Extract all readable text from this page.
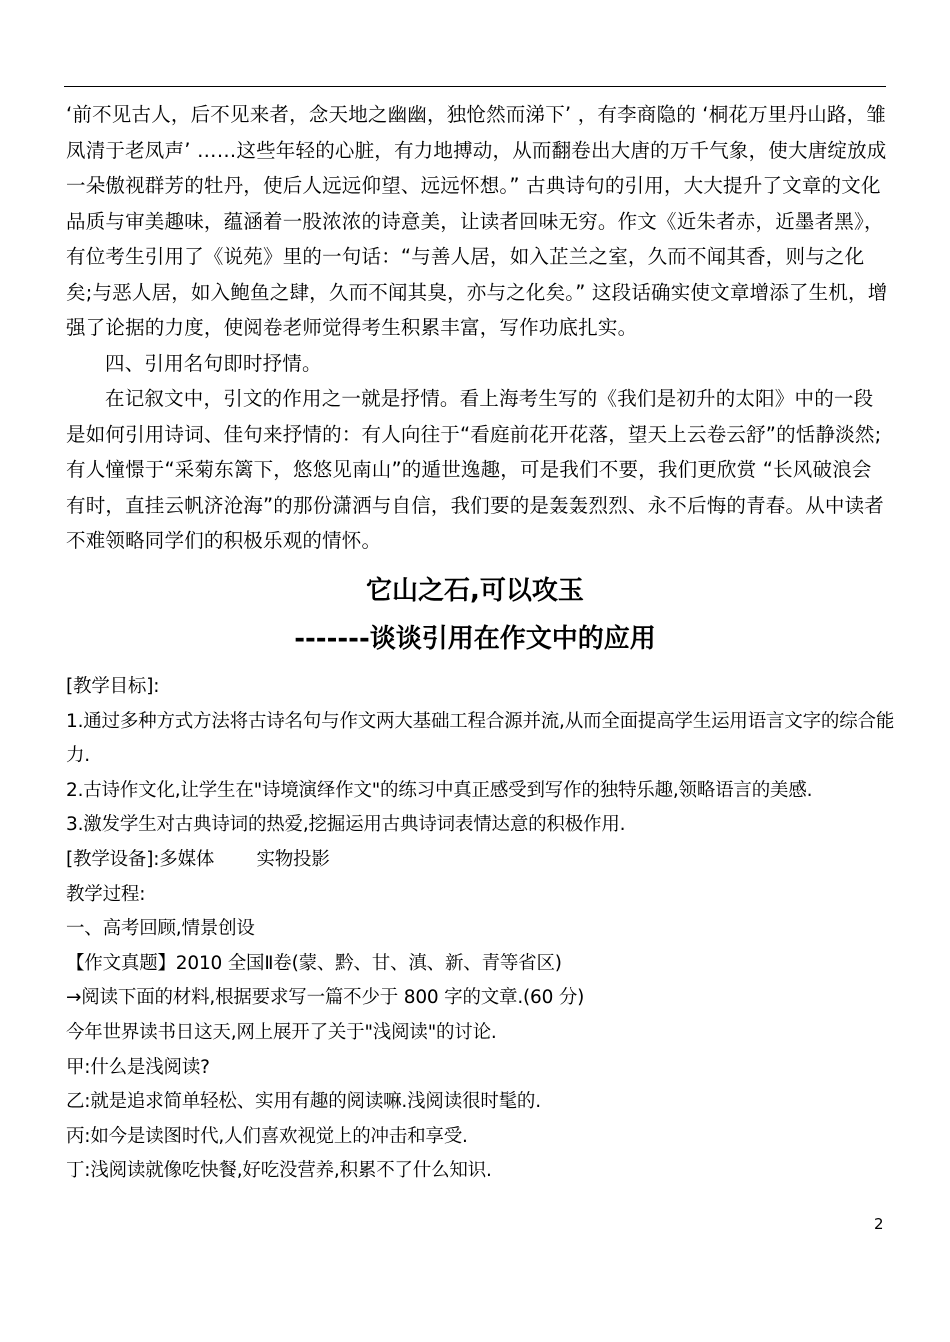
‘前不见古人，后不见来者，念天地之幽幽，独怆然而涕下’ ，有李商隐的 ‘桐花万里丹山路，雏凤清于老凤声’ ……这些年轻的心脏，有力地搏动，从而翻卷出大唐的万千气象，使大唐绽放成一朵傲视群芳的牡丹，使后人远远仰望、远远怀想。” 古典诗句的引用，大大提升了文章的文化品质与审美趣味，蕴涵着一股浓浓的诗意美，让读者回味无穷。作文《近朱者赤，近墨者黑》，有位考生引用了《说苑》里的一句话：“与善人居，如入芷兰之室，久而不闻其香，则与之化矣;与恶人居，如入鲍鱼之肆，久而不闻其臭，亦与之化矣。” 这段话确实使文章增添了生机，增强了论据的力度，使阅卷老师觉得考生积累丰富，写作功底扎实。

四、引用名句即时抒情。

在记叙文中，引文的作用之一就是抒情。看上海考生写的《我们是初升的太阳》中的一段是如何引用诗词、佳句来抒情的：有人向往于“看庭前花开花落，望天上云卷云舒”的恬静淡然;有人憧憬于“采菊东篱下，悠悠见南山”的遁世逸趣，可是我们不要，我们更欣赏 “长风破浪会有时，直挂云帆济沧海”的那份潇洒与自信，我们要的是轰轰烈烈、永不后悔的青春。从中读者不难领略同学们的积极乐观的情怀。

它山之石,可以攻玉
-------谈谈引用在作文中的应用

[教学目标]:

1.通过多种方式方法将古诗名句与作文两大基础工程合源并流,从而全面提高学生运用语言文字的综合能力.

2.古诗作文化,让学生在"诗境演绎作文"的练习中真正感受到写作的独特乐趣,领略语言的美感.

3.激发学生对古典诗词的热爱,挖掘运用古典诗词表情达意的积极作用.

[教学设备]:多媒体　　 实物投影

教学过程:

一、高考回顾,情景创设

【作文真题】2010 全国Ⅱ卷(蒙、黔、甘、滇、新、青等省区)

→阅读下面的材料,根据要求写一篇不少于 800 字的文章.(60 分)

今年世界读书日这天,网上展开了关于"浅阅读"的讨论.

甲:什么是浅阅读?

乙:就是追求简单轻松、实用有趣的阅读嘛.浅阅读很时髦的.

丙:如今是读图时代,人们喜欢视觉上的冲击和享受.

丁:浅阅读就像吃快餐,好吃没营养,积累不了什么知识.

2
